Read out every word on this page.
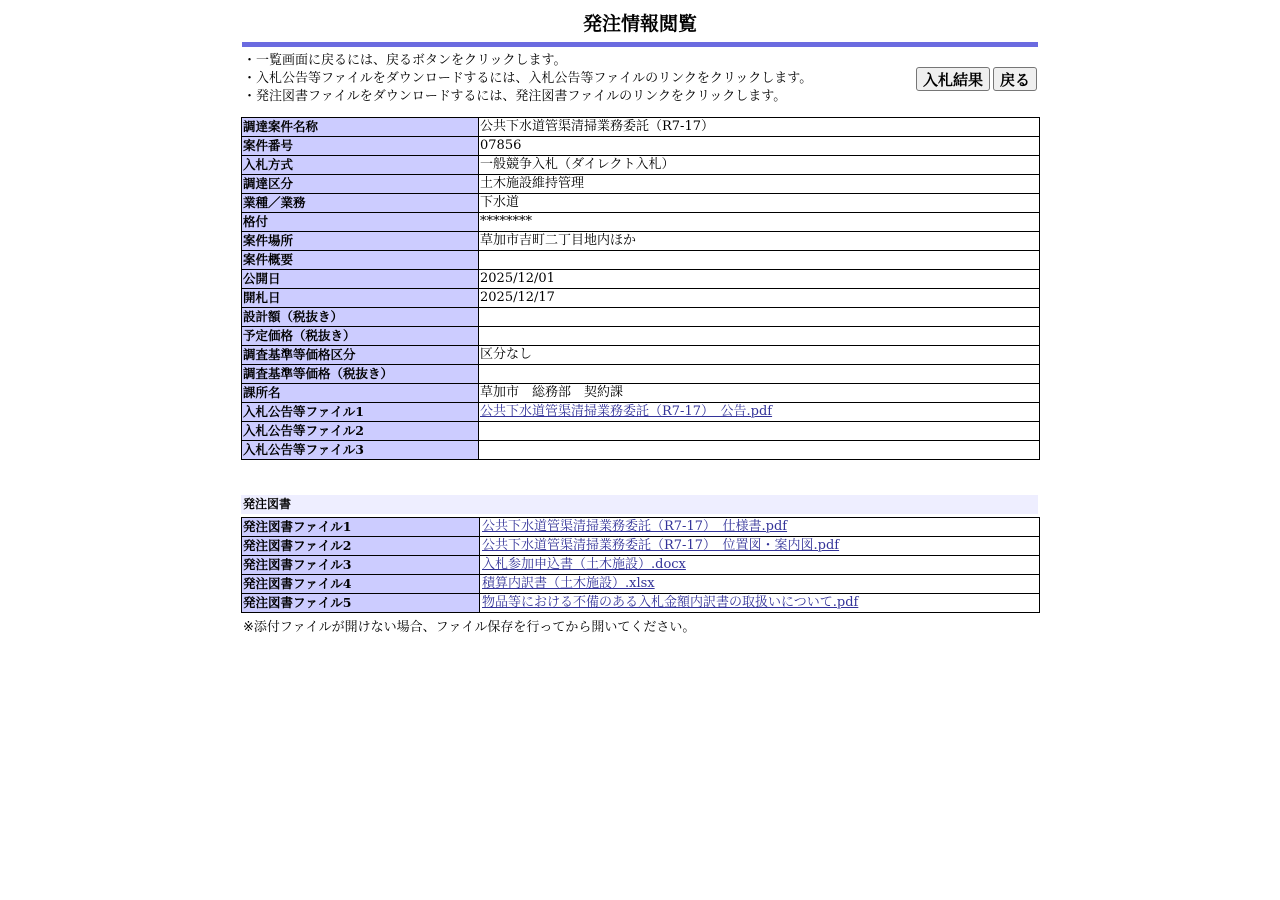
発注情報閲覧
・一覧画面に戻るには、戻るボタンをクリックします。
・入札公告等ファイルをダウンロードするには、入札公告等ファイルのリンクをクリックします。
・発注図書ファイルをダウンロードするには、発注図書ファイルのリンクをクリックします。
入札結果	戻る
調達案件名称	公共下水道管渠清掃業務委託（R7-17）
案件番号	07856
入札方式	一般競争入札（ダイレクト入札）
調達区分	土木施設維持管理
業種／業務	下水道
格付	********
案件場所	草加市吉町二丁目地内ほか
案件概要	
公開日	2025/12/01
開札日	2025/12/17
設計額（税抜き）	
予定価格（税抜き）	
調査基準等価格区分	区分なし
調査基準等価格（税抜き）	
課所名	草加市　総務部　契約課
入札公告等ファイル1	公共下水道管渠清掃業務委託（R7-17）　公告.pdf
入札公告等ファイル2	
入札公告等ファイル3	
発注図書
発注図書ファイル1	公共下水道管渠清掃業務委託（R7-17）　仕様書.pdf
発注図書ファイル2	公共下水道管渠清掃業務委託（R7-17）　位置図・案内図.pdf
発注図書ファイル3	入札参加申込書（土木施設）.docx
発注図書ファイル4	積算内訳書（土木施設）.xlsx
発注図書ファイル5	物品等における不備のある入札金額内訳書の取扱いについて.pdf
※添付ファイルが開けない場合、ファイル保存を行ってから開いてください。
